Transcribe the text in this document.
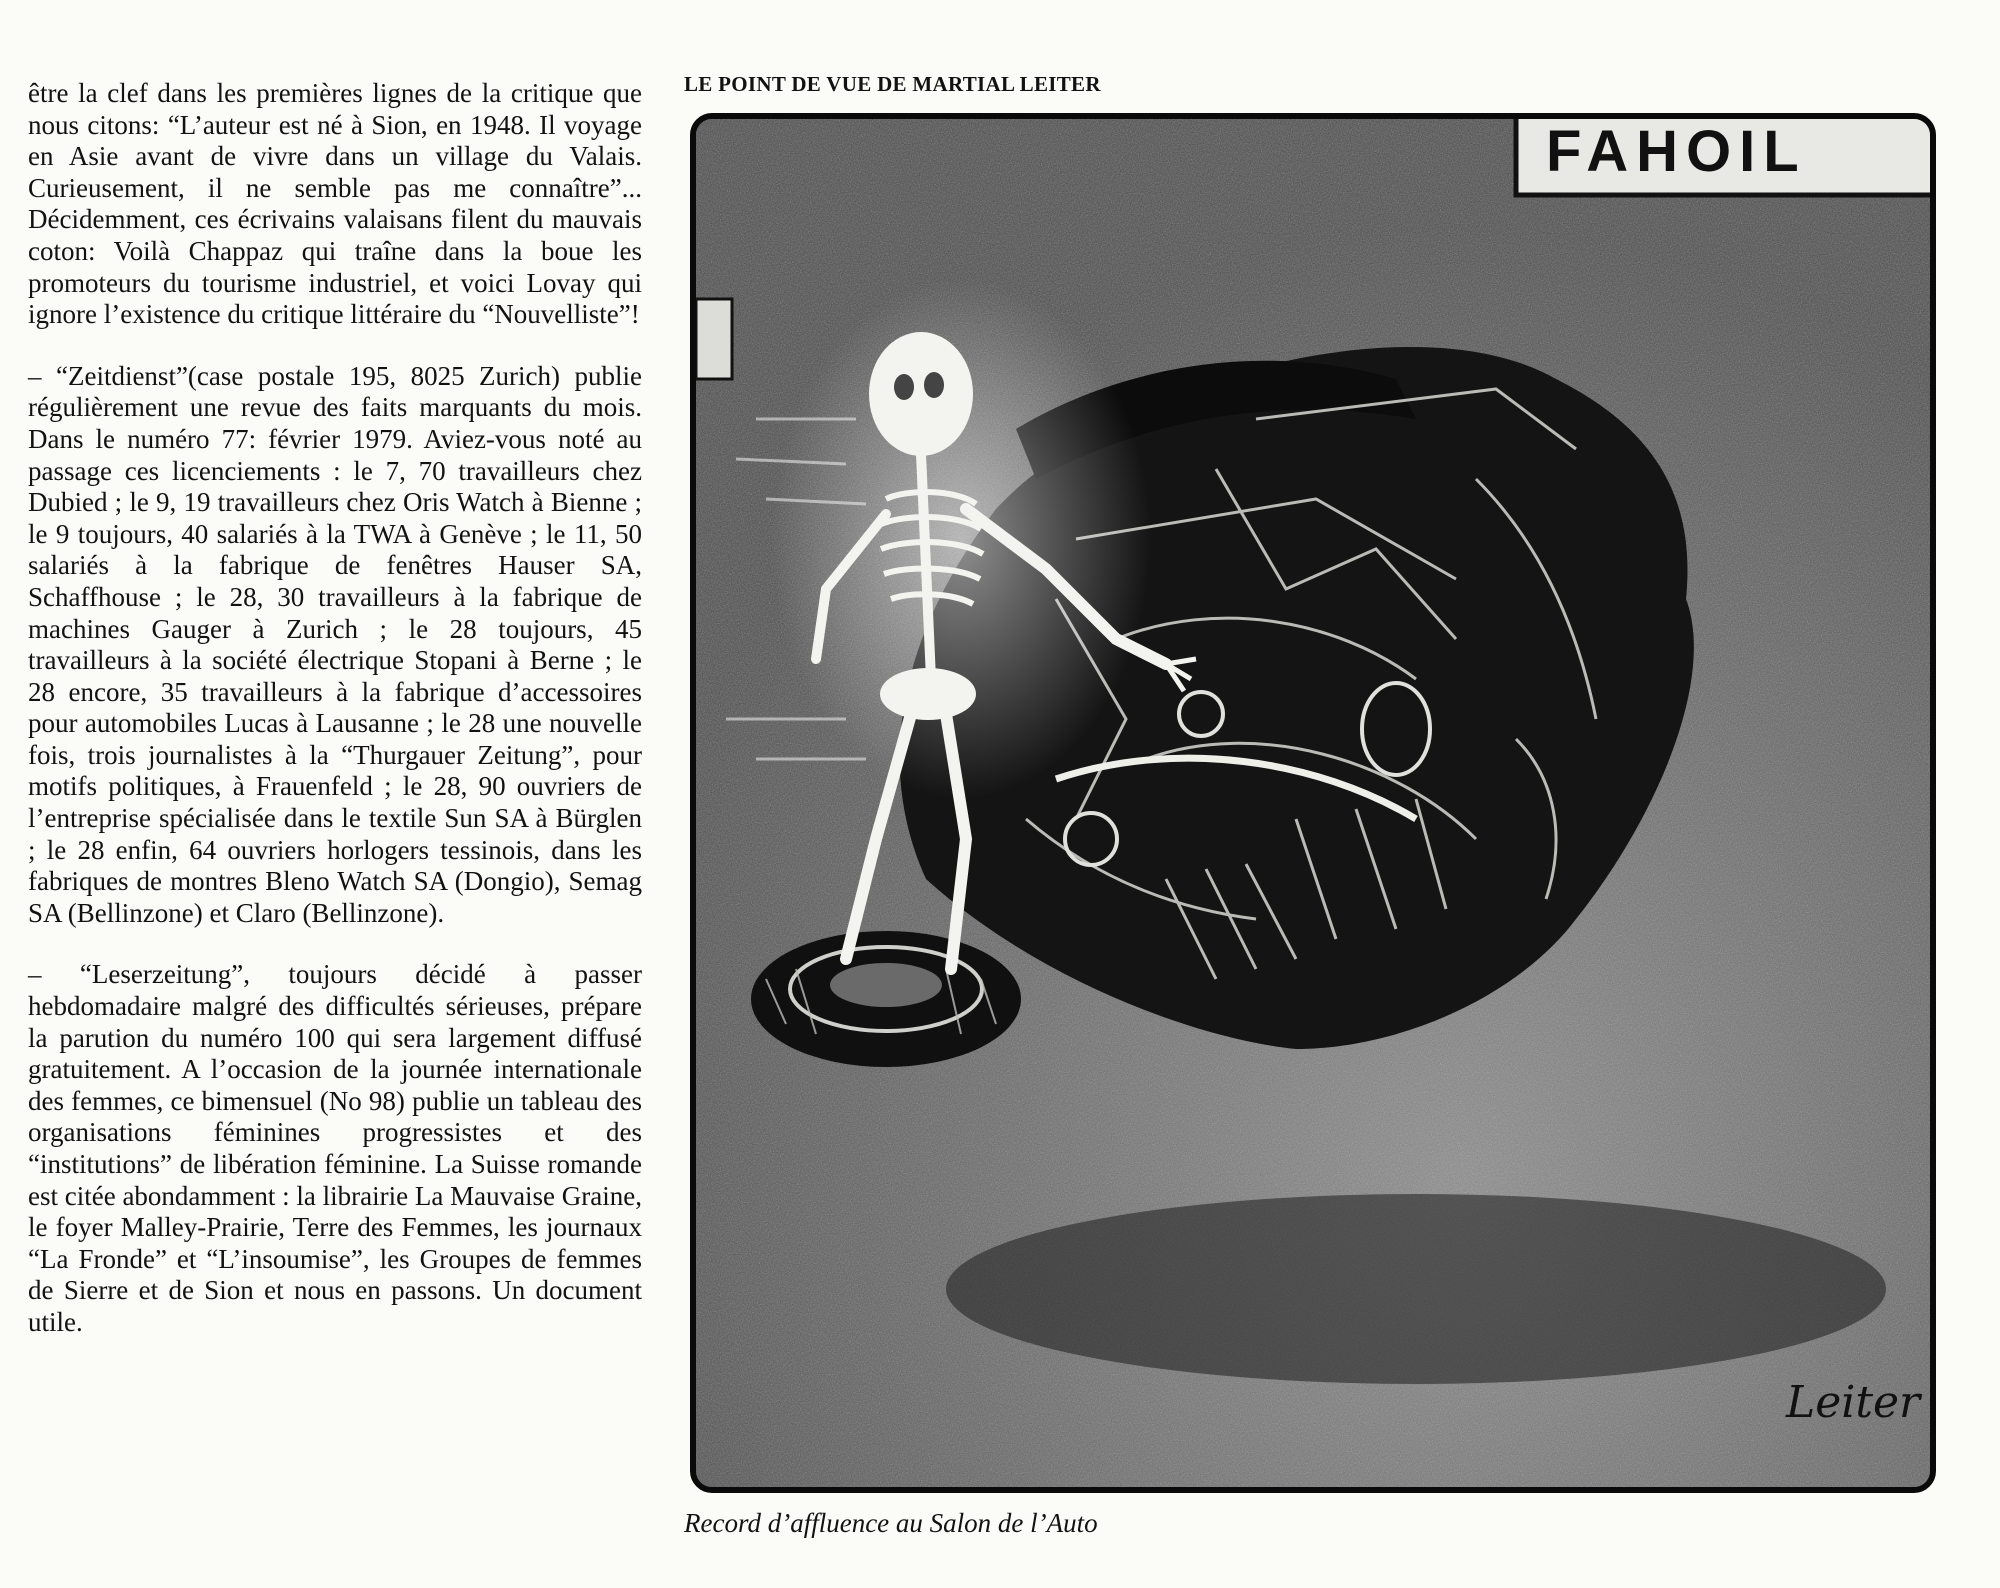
être la clef dans les premières lignes de la critique que nous citons: “L’auteur est né à Sion, en 1948. Il voyage en Asie avant de vivre dans un village du Valais. Curieusement, il ne semble pas me connaître”... Décidemment, ces écrivains valaisans filent du mauvais coton: Voilà Chappaz qui traîne dans la boue les promoteurs du tourisme industriel, et voici Lovay qui ignore l’existence du critique littéraire du “Nouvelliste”!

– “Zeitdienst”(case postale 195, 8025 Zurich) publie régulièrement une revue des faits marquants du mois. Dans le numéro 77: février 1979. Aviez-vous noté au passage ces licenciements : le 7, 70 travailleurs chez Dubied ; le 9, 19 travailleurs chez Oris Watch à Bienne ; le 9 toujours, 40 salariés à la TWA à Genève ; le 11, 50 salariés à la fabrique de fenêtres Hauser SA, Schaffhouse ; le 28, 30 travailleurs à la fabrique de machines Gauger à Zurich ; le 28 toujours, 45 travailleurs à la société électrique Stopani à Berne ; le 28 encore, 35 travailleurs à la fabrique d’accessoires pour automobiles Lucas à Lausanne ; le 28 une nouvelle fois, trois journalistes à la “Thurgauer Zeitung”, pour motifs politiques, à Frauenfeld ; le 28, 90 ouvriers de l’entreprise spécialisée dans le textile Sun SA à Bürglen ; le 28 enfin, 64 ouvriers horlogers tessinois, dans les fabriques de montres Bleno Watch SA (Dongio), Semag SA (Bellinzone) et Claro (Bellinzone).

– “Leserzeitung”, toujours décidé à passer hebdomadaire malgré des difficultés sérieuses, prépare la parution du numéro 100 qui sera largement diffusé gratuitement. A l’occasion de la journée internationale des femmes, ce bimensuel (No 98) publie un tableau des organisations féminines progressistes et des “institutions” de libération féminine. La Suisse romande est citée abondamment : la librairie La Mauvaise Graine, le foyer Malley-Prairie, Terre des Femmes, les journaux “La Fronde” et “L’insoumise”, les Groupes de femmes de Sierre et de Sion et nous en passons. Un document utile.

LE POINT DE VUE DE MARTIAL LEITER
FAHOIL
Leiter
Record d’affluence au Salon de l’Auto
